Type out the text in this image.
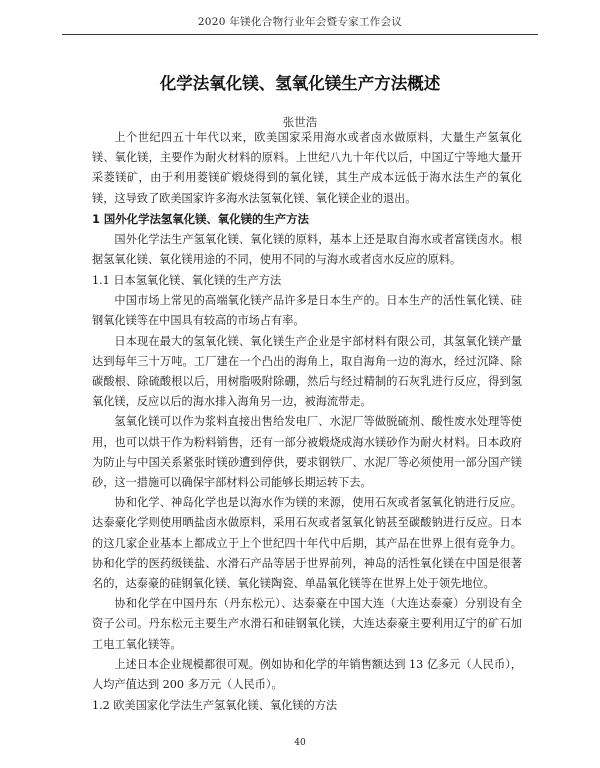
2020 年镁化合物行业年会暨专家工作会议
化学法氧化镁、氢氧化镁生产方法概述
张世浩

上个世纪四五十年代以来，欧美国家采用海水或者卤水做原料，大量生产氢氧化镁、氧化镁，主要作为耐火材料的原料。上世纪八九十年代以后，中国辽宁等地大量开采菱镁矿，由于利用菱镁矿煅烧得到的氧化镁，其生产成本远低于海水法生产的氧化镁，这导致了欧美国家许多海水法氢氧化镁、氧化镁企业的退出。

1 国外化学法氢氧化镁、氧化镁的生产方法

国外化学法生产氢氧化镁、氧化镁的原料，基本上还是取自海水或者富镁卤水。根据氢氧化镁、氧化镁用途的不同，使用不同的与海水或者卤水反应的原料。

1.1 日本氢氧化镁、氧化镁的生产方法

中国市场上常见的高端氧化镁产品许多是日本生产的。日本生产的活性氧化镁、硅钢氧化镁等在中国具有较高的市场占有率。

日本现在最大的氢氧化镁、氧化镁生产企业是宇部材料有限公司，其氢氧化镁产量达到每年三十万吨。工厂建在一个凸出的海角上，取自海角一边的海水，经过沉降、除碳酸根、除硫酸根以后，用树脂吸附除硼，然后与经过精制的石灰乳进行反应，得到氢氧化镁，反应以后的海水排入海角另一边，被海流带走。

氢氧化镁可以作为浆料直接出售给发电厂、水泥厂等做脱硫剂、酸性废水处理等使用，也可以烘干作为粉料销售，还有一部分被煅烧成海水镁砂作为耐火材料。日本政府为防止与中国关系紧张时镁砂遭到停供，要求钢铁厂、水泥厂等必须使用一部分国产镁砂，这一措施可以确保宇部材料公司能够长期运转下去。

协和化学、神岛化学也是以海水作为镁的来源，使用石灰或者氢氧化钠进行反应。达泰豪化学则使用晒盐卤水做原料，采用石灰或者氢氧化钠甚至碳酸钠进行反应。日本的这几家企业基本上都成立于上个世纪四十年代中后期，其产品在世界上很有竞争力。协和化学的医药级镁盐、水滑石产品等居于世界前列，神岛的活性氧化镁在中国是很著名的，达泰豪的硅钢氧化镁、氧化镁陶瓷、单晶氧化镁等在世界上处于领先地位。

协和化学在中国丹东（丹东松元）、达泰豪在中国大连（大连达泰豪）分别设有全资子公司。丹东松元主要生产水滑石和硅钢氧化镁，大连达泰豪主要利用辽宁的矿石加工电工氧化镁等。

上述日本企业规模都很可观。例如协和化学的年销售额达到 13 亿多元（人民币），人均产值达到 200 多万元（人民币）。

1.2 欧美国家化学法生产氢氧化镁、氧化镁的方法
40
